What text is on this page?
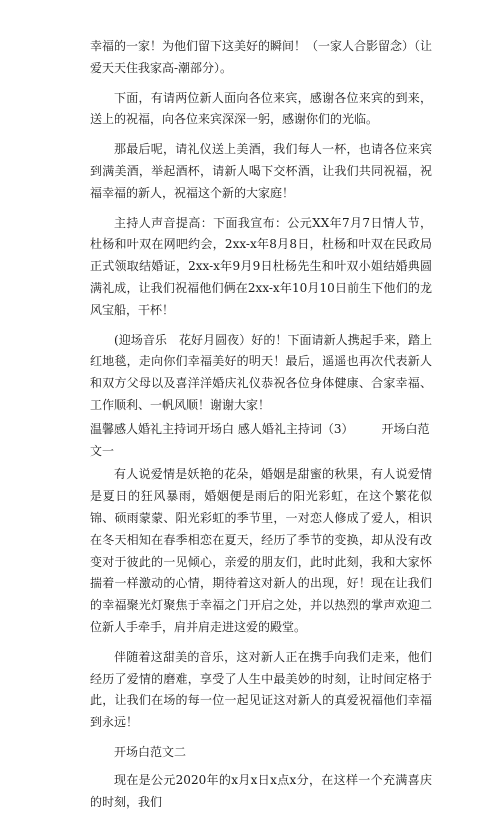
幸福的一家！为他们留下这美好的瞬间！（一家人合影留念）（让爱天天住我家高-潮部分）。

下面，有请两位新人面向各位来宾，感谢各位来宾的到来，送上的祝福，向各位来宾深深一躬，感谢你们的光临。

那最后呢，请礼仪送上美酒，我们每人一杯，也请各位来宾到满美酒，举起酒杯，请新人喝下交杯酒，让我们共同祝福，祝福幸福的新人，祝福这个新的大家庭！

主持人声音提高：下面我宣布：公元XX年7月7日情人节，杜杨和叶双在网吧约会，2xx-x年8月8日，杜杨和叶双在民政局正式领取结婚证，2xx-x年9月9日杜杨先生和叶双小姐结婚典圆满礼成，让我们祝福他们俩在2xx-x年10月10日前生下他们的龙风宝船，干杯！

(迎场音乐　花好月圆夜）好的！下面请新人携起手来，踏上红地毯，走向你们幸福美好的明天！最后，遥遥也再次代表新人和双方父母以及喜洋洋婚庆礼仪恭祝各位身体健康、合家幸福、工作顺利、一帆风顺！谢谢大家！

温馨感人婚礼主持词开场白 感人婚礼主持词（3） 开场白范文一

有人说爱情是妖艳的花朵，婚姻是甜蜜的秋果，有人说爱情是夏日的狂风暴雨，婚姻便是雨后的阳光彩虹，在这个繁花似锦、硕雨蒙蒙、阳光彩虹的季节里，一对恋人修成了爱人，相识在冬天相知在春季相恋在夏天，经历了季节的变换，却从没有改变对于彼此的一见倾心，亲爱的朋友们，此时此刻，我和大家怀揣着一样激动的心情，期待着这对新人的出现，好！现在让我们的幸福聚光灯聚焦于幸福之门开启之处，并以热烈的掌声欢迎二位新人手牵手，肩并肩走进这爱的殿堂。

伴随着这甜美的音乐，这对新人正在携手向我们走来，他们经历了爱情的磨难，享受了人生中最美妙的时刻，让时间定格于此，让我们在场的每一位一起见证这对新人的真爱祝福他们幸福到永远！

开场白范文二

现在是公元2020年的x月x日x点x分，在这样一个充满喜庆的时刻，我们
